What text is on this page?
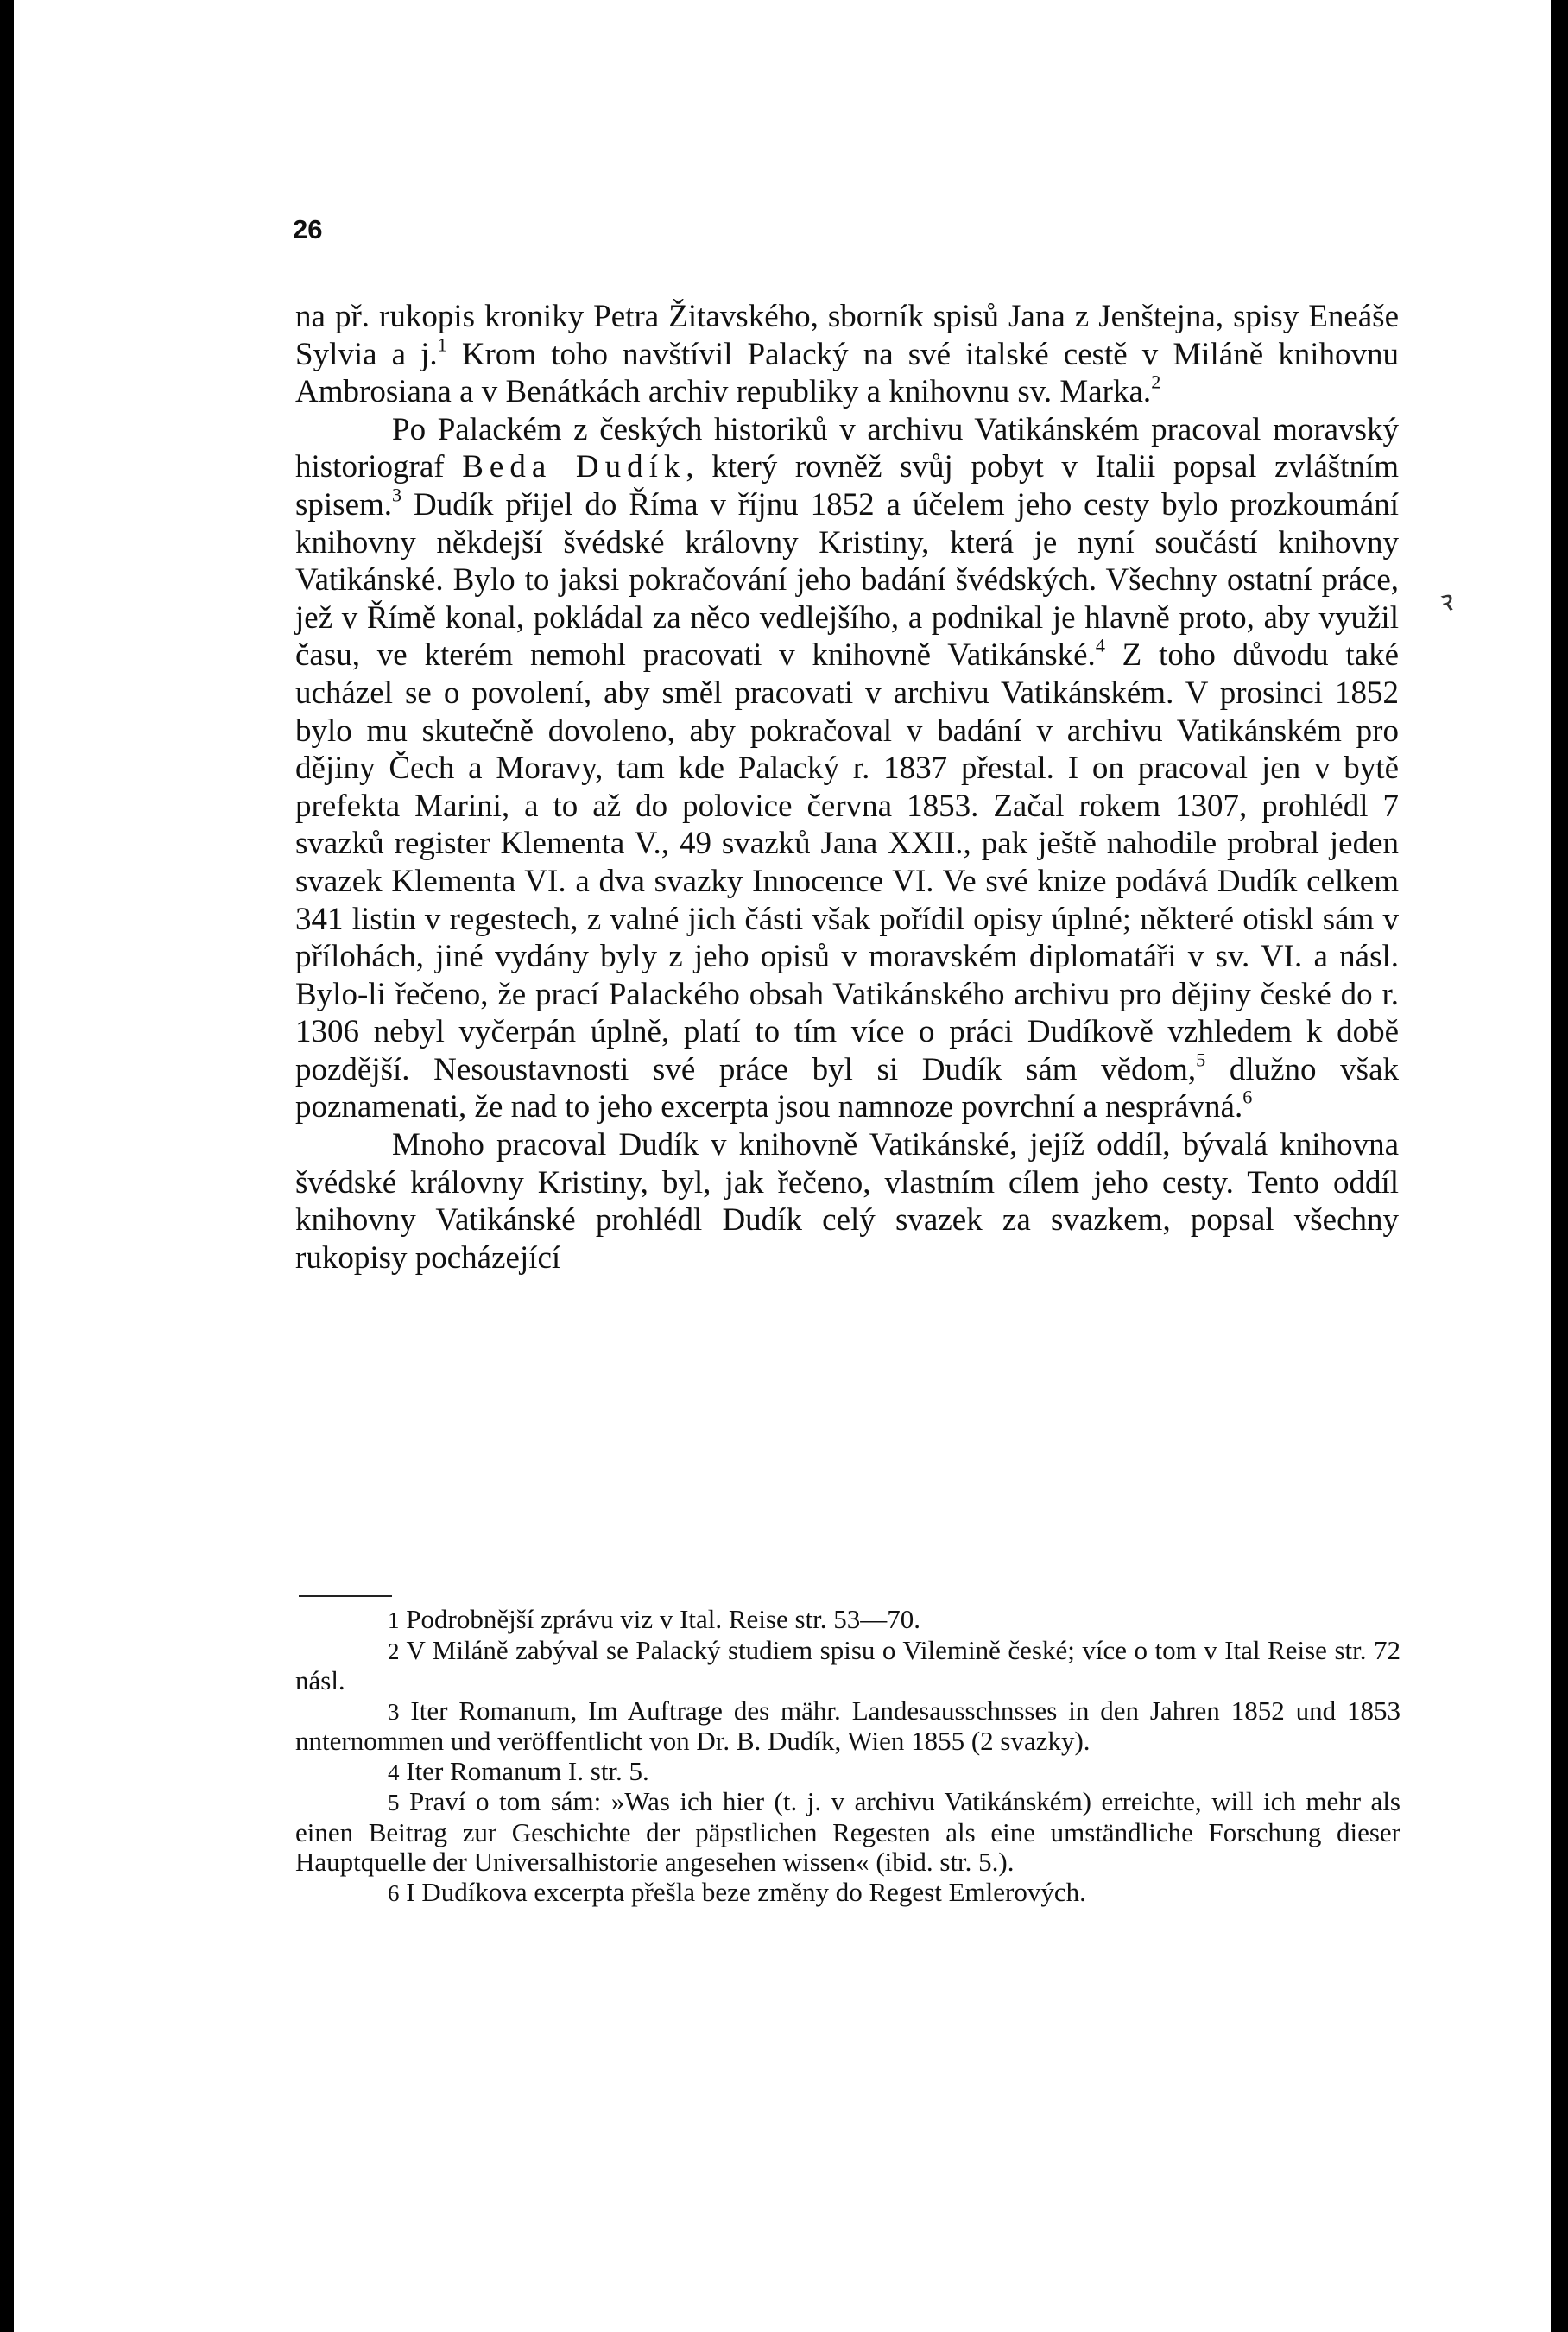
26
ꝛ

na př. rukopis kroniky Petra Žitavského, sborník spisů Jana z Jenštejna, spisy Eneáše Sylvia a j.$^1$ Krom toho navštívil Palacký na své italské cestě v Miláně knihovnu Ambrosiana a v Benátkách archiv republiky a knihovnu sv. Marka.$^2$

Po Palackém z českých historiků v archivu Vatikánském pracoval moravský historiograf Beda Dudík, který rovněž svůj pobyt v Italii popsal zvláštním spisem.$^3$ Dudík přijel do Říma v říjnu 1852 a účelem jeho cesty bylo prozkoumání knihovny někdejší švédské královny Kristiny, která je nyní součástí knihovny Vatikánské. Bylo to jaksi pokračování jeho badání švédských. Všechny ostatní práce, jež v Římě konal, pokládal za něco vedlejšího, a podnikal je hlavně proto, aby využil času, ve kterém nemohl pracovati v knihovně Vatikánské.$^4$ Z toho důvodu také ucházel se o povolení, aby směl pracovati v archivu Vatikánském. V prosinci 1852 bylo mu skutečně dovoleno, aby pokračoval v badání v archivu Vatikánském pro dějiny Čech a Moravy, tam kde Palacký r. 1837 přestal. I on pracoval jen v bytě prefekta Marini, a to až do polovice června 1853. Začal rokem 1307, prohlédl 7 svazků register Klementa V., 49 svazků Jana XXII., pak ještě nahodile probral jeden svazek Klementa VI. a dva svazky Innocence VI. Ve své knize podává Dudík celkem 341 listin v regestech, z valné jich části však pořídil opisy úplné; některé otiskl sám v přílohách, jiné vydány byly z jeho opisů v moravském diplomatáři v sv. VI. a násl. Bylo-li řečeno, že prací Palackého obsah Vatikánského archivu pro dějiny české do r. 1306 nebyl vyčerpán úplně, platí to tím více o práci Dudíkově vzhledem k době pozdější. Nesoustavnosti své práce byl si Dudík sám vědom,$^5$ dlužno však poznamenati, že nad to jeho excerpta jsou namnoze povrchní a nesprávná.$^6$

Mnoho pracoval Dudík v knihovně Vatikánské, jejíž oddíl, bývalá knihovna švédské královny Kristiny, byl, jak řečeno, vlastním cílem jeho cesty. Tento oddíl knihovny Vatikánské prohlédl Dudík celý svazek za svazkem, popsal všechny rukopisy pocházející

1 Podrobnější zprávu viz v Ital. Reise str. 53—70.

2 V Miláně zabýval se Palacký studiem spisu o Vilemině české; více o tom v Ital Reise str. 72 násl.

3 Iter Romanum, Im Auftrage des mähr. Landesausschnsses in den Jahren 1852 und 1853 nnternommen und veröffentlicht von Dr. B. Dudík, Wien 1855 (2 svazky).

4 Iter Romanum I. str. 5.

5 Praví o tom sám: »Was ich hier (t. j. v archivu Vatikánském) erreichte, will ich mehr als einen Beitrag zur Geschichte der päpstlichen Regesten als eine umständliche Forschung dieser Hauptquelle der Universalhistorie angesehen wissen« (ibid. str. 5.).

6 I Dudíkova excerpta přešla beze změny do Regest Emlerových.
